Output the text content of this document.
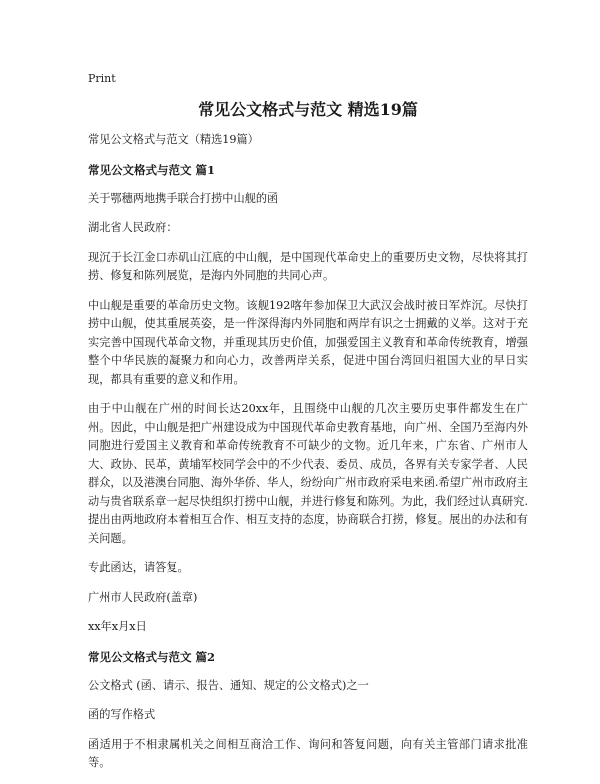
Print
常见公文格式与范文 精选19篇

常见公文格式与范文（精选19篇）

常见公文格式与范文 篇1

关于鄂穗两地携手联合打捞中山舰的函

湖北省人民政府：

现沉于长江金口赤矶山江底的中山舰，是中国现代革命史上的重要历史文物，尽快将其打捞、修复和陈列展览，是海内外同胞的共同心声。

中山舰是重要的革命历史文物。该舰192喀年参加保卫大武汉会战时被日军炸沉。尽快打捞中山舰，使其重展英姿，是一件深得海内外同胞和两岸有识之士拥戴的义举。这对于充实完善中国现代革命文物，并重现其历史价值，加强爱国主义教育和革命传统教育，增强整个中华民族的凝聚力和向心力，改善两岸关系，促进中国台湾回归祖国大业的早日实现，都具有重要的意义和作用。

由于中山舰在广州的时间长达20xx年，且围绕中山舰的几次主要历史事件都发生在广州。因此，中山舰是把广州建设成为中国现代革命史教育基地，向广州、全国乃至海内外同胞进行爱国主义教育和革命传统教育不可缺少的文物。近几年来，广东省、广州市人大、政协、民革，黄埔军校同学会中的不少代表、委员、成员，各界有关专家学者、人民群众，以及港澳台同胞、海外华侨、华人，纷纷向广州市政府采电来函.希望广州市政府主动与贵省联系章一起尽快组织打捞中山舰，并进行修复和陈列。为此，我们经过认真研究.提出由两地政府本着相互合作、相互支持的态度，协商联合打捞，修复。展出的办法和有关问题。

专此函达，请答复。

广州市人民政府(盖章)

xx年x月x日

常见公文格式与范文 篇2

公文格式 (函、请示、报告、通知、规定的公文格式)之一

函的写作格式

函适用于不相隶属机关之间相互商洽工作、询问和答复问题，向有关主管部门请求批准等。
